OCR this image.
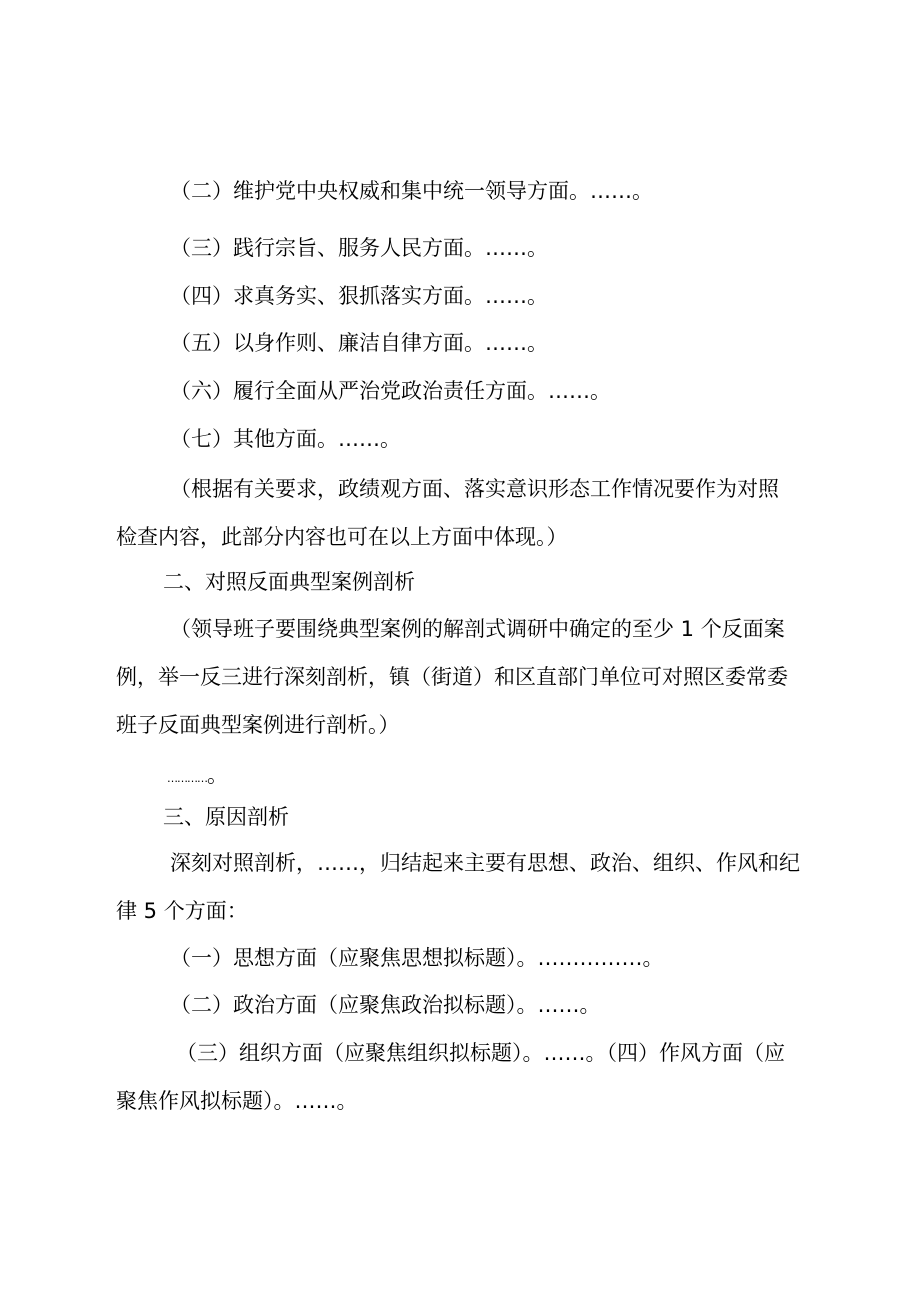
（二）维护党中央权威和集中统一领导方面。……。

（三）践行宗旨、服务人民方面。……。

（四）求真务实、狠抓落实方面。……。

（五）以身作则、廉洁自律方面。……。

（六）履行全面从严治党政治责任方面。……。

（七）其他方面。……。

（根据有关要求，政绩观方面、落实意识形态工作情况要作为对照

检查内容，此部分内容也可在以上方面中体现。）

二、对照反面典型案例剖析

（领导班子要围绕典型案例的解剖式调研中确定的至少 1 个反面案

例，举一反三进行深刻剖析，镇（街道）和区直部门单位可对照区委常委

班子反面典型案例进行剖析。）

…………。

三、原因剖析

深刻对照剖析，……，归结起来主要有思想、政治、组织、作风和纪

律 5 个方面：

（一）思想方面（应聚焦思想拟标题）。……………。

（二）政治方面（应聚焦政治拟标题）。……。

（三）组织方面（应聚焦组织拟标题）。……。（四）作风方面（应

聚焦作风拟标题）。……。
